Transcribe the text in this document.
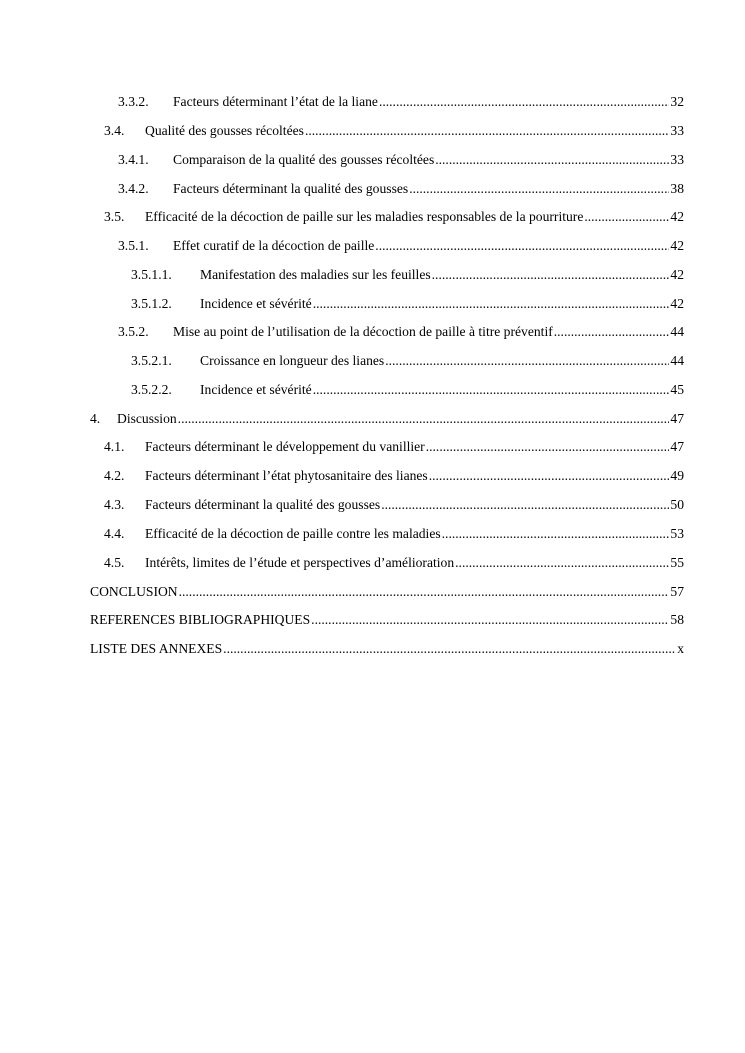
3.3.2.	Facteurs déterminant l’état de la liane .....	32
3.4.	Qualité des gousses récoltées .....	33
3.4.1.	Comparaison de la qualité des gousses récoltées .....	33
3.4.2.	Facteurs déterminant la qualité des gousses .....	38
3.5.	Efficacité de la décoction de paille sur les maladies responsables de la pourriture .....	42
3.5.1.	Effet curatif de la décoction de paille .....	42
3.5.1.1.	Manifestation des maladies sur les feuilles .....	42
3.5.1.2.	Incidence et sévérité .....	42
3.5.2.	Mise au point de l’utilisation de la décoction de paille à titre préventif .....	44
3.5.2.1.	Croissance en longueur des lianes .....	44
3.5.2.2.	Incidence et sévérité .....	45
4.	Discussion .....	47
4.1.	Facteurs déterminant le développement du vanillier .....	47
4.2.	Facteurs déterminant l’état phytosanitaire des lianes .....	49
4.3.	Facteurs déterminant la qualité des gousses .....	50
4.4.	Efficacité de la décoction de paille contre les maladies .....	53
4.5.	Intérêts, limites de l’étude et perspectives d’amélioration .....	55
CONCLUSION .....	57
REFERENCES BIBLIOGRAPHIQUES .....	58
LISTE DES ANNEXES .....	x
